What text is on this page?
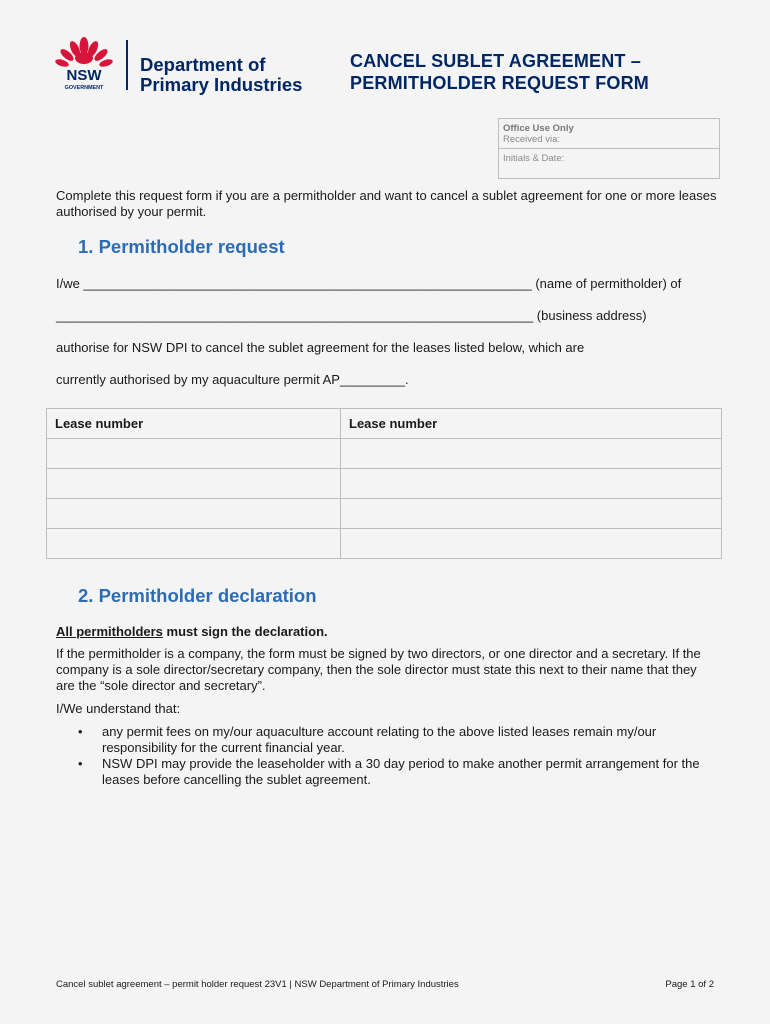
NSW
GOVERNMENT
Department of
Primary Industries
CANCEL SUBLET AGREEMENT –
PERMITHOLDER REQUEST FORM
Office Use Only
Received via:
Initials & Date:
Complete this request form if you are a permitholder and want to cancel a sublet agreement for one or more leases authorised by your permit.
1. Permitholder request
I/we ______________________________________________________________ (name of permitholder) of
__________________________________________________________________ (business address)
authorise for NSW DPI to cancel the sublet agreement for the leases listed below, which are
currently authorised by my aquaculture permit AP_________.
Lease number	Lease number

2. Permitholder declaration
All permitholders must sign the declaration.
If the permitholder is a company, the form must be signed by two directors, or one director and a secretary. If the company is a sole director/secretary company, then the sole director must state this next to their name that they are the “sole director and secretary”.
I/We understand that:
• any permit fees on my/our aquaculture account relating to the above listed leases remain my/our responsibility for the current financial year.
• NSW DPI may provide the leaseholder with a 30 day period to make another permit arrangement for the leases before cancelling the sublet agreement.
Cancel sublet agreement – permit holder request 23V1 | NSW Department of Primary Industries	Page 1 of 2
